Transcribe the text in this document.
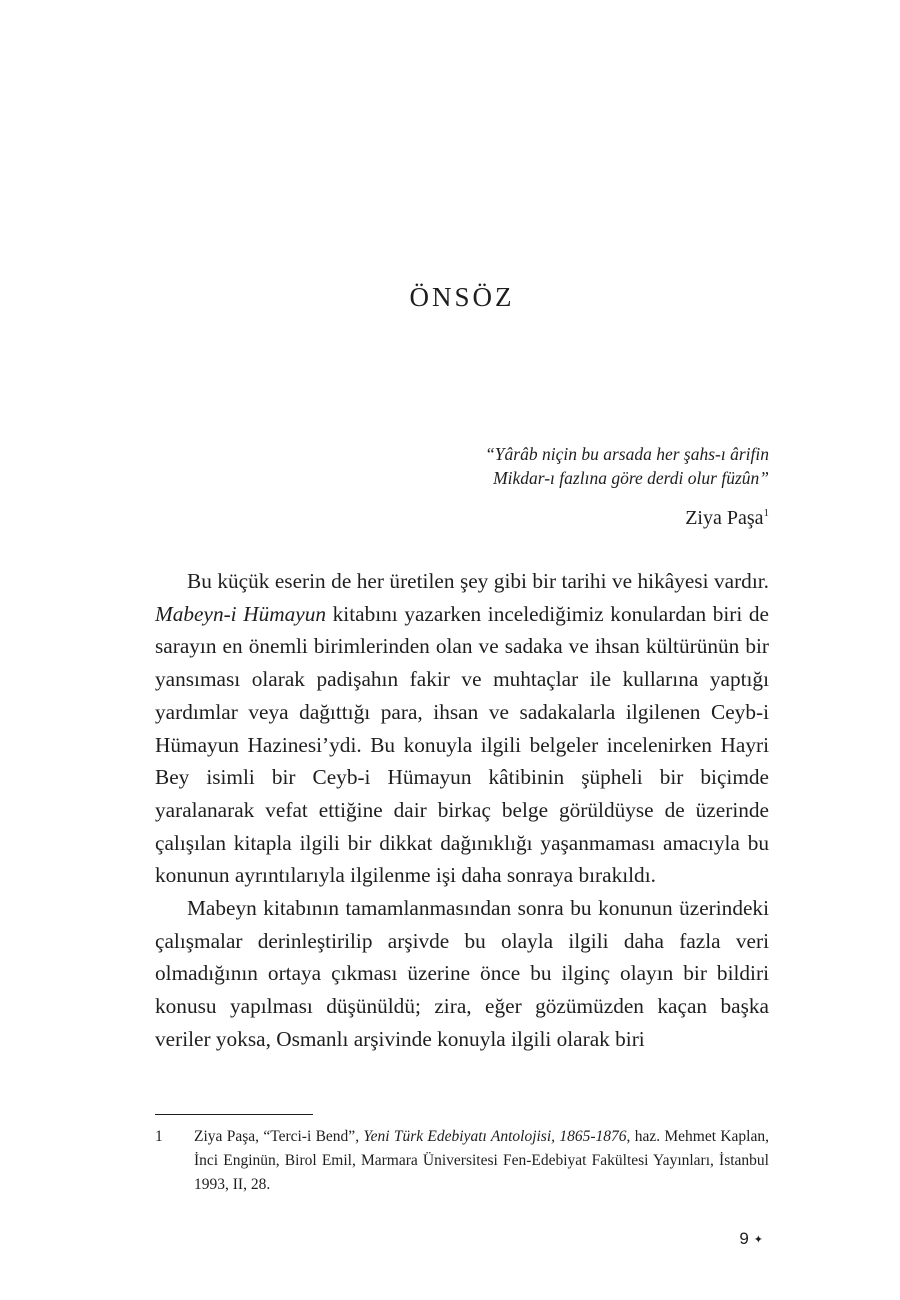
ÖNSÖZ
“Yârâb niçin bu arsada her şahs-ı ârifin
Mikdar-ı fazlına göre derdi olur füzûn”
Ziya Paşa$^1$

Bu küçük eserin de her üretilen şey gibi bir tarihi ve hikâyesi vardır. Mabeyn-i Hümayun kitabını yazarken incelediğimiz konulardan biri de sarayın en önemli birimlerinden olan ve sadaka ve ihsan kültürünün bir yansıması olarak padişahın fakir ve muhtaçlar ile kullarına yaptığı yardımlar veya dağıttığı para, ihsan ve sadakalarla ilgilenen Ceyb-i Hümayun Hazinesi’ydi. Bu konuyla ilgili belgeler incelenirken Hayri Bey isimli bir Ceyb-i Hümayun kâtibinin şüpheli bir biçimde yaralanarak vefat ettiğine dair birkaç belge görüldüyse de üzerinde çalışılan kitapla ilgili bir dikkat dağınıklığı yaşanmaması amacıyla bu konunun ayrıntılarıyla ilgilenme işi daha sonraya bırakıldı.

Mabeyn kitabının tamamlanmasından sonra bu konunun üzerindeki çalışmalar derinleştirilip arşivde bu olayla ilgili daha fazla veri olmadığının ortaya çıkması üzerine önce bu ilginç olayın bir bildiri konusu yapılması düşünüldü; zira, eğer gözümüzden kaçan başka veriler yoksa, Osmanlı arşivinde konuyla ilgili olarak biri

1 Ziya Paşa, “Terci-i Bend”, Yeni Türk Edebiyatı Antolojisi, 1865-1876, haz. Mehmet Kaplan, İnci Enginün, Birol Emil, Marmara Üniversitesi Fen-Edebiyat Fakültesi Yayınları, İstanbul 1993, II, 28.
9 ✦
